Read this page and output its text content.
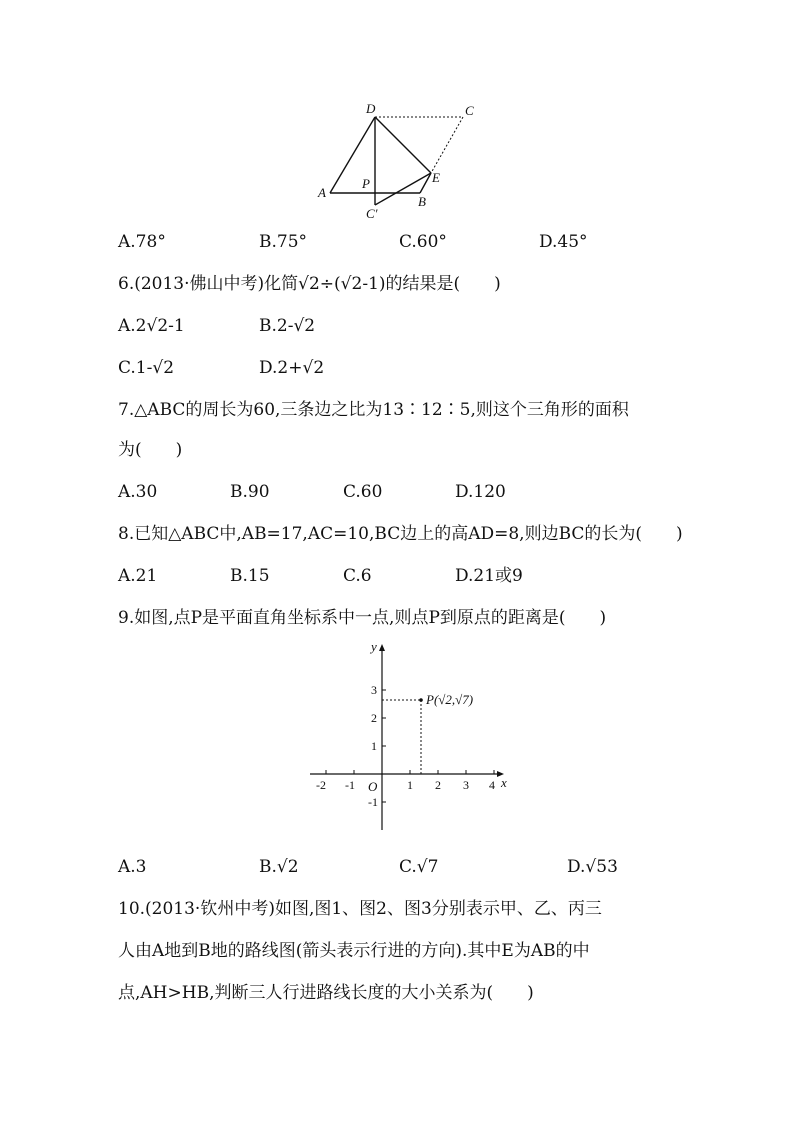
D	C
A
P	E
B
C′
A.78°	B.75°	C.60°	D.45°
6.(2013·佛山中考)化简√2÷(√2-1)的结果是(　　)
A.2√2-1	B.2-√2
C.1-√2	D.2+√2
7.△ABC的周长为60,三条边之比为13∶12∶5,则这个三角形的面积
为(　　)
A.30	B.90	C.60	D.120
8.已知△ABC中,AB=17,AC=10,BC边上的高AD=8,则边BC的长为(　　)
A.21	B.15	C.6	D.21或9
9.如图,点P是平面直角坐标系中一点,则点P到原点的距离是(　　)
y
x
O
-2 -1	1 2 3 4
3
2
1
-1
P(√2,√7)
A.3	B.√2	C.√7	D.√53
10.(2013·钦州中考)如图,图1、图2、图3分别表示甲、乙、丙三
人由A地到B地的路线图(箭头表示行进的方向).其中E为AB的中
点,AH>HB,判断三人行进路线长度的大小关系为(　　)
